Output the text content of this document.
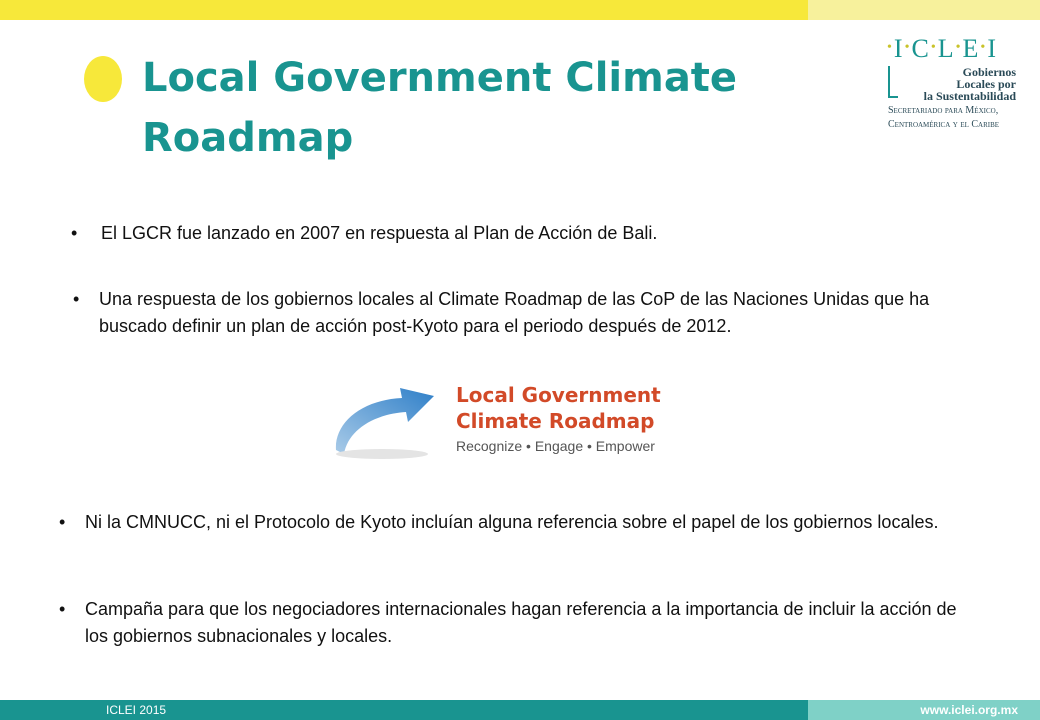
Local Government Climate Roadmap
•I•C•L•E•I
Gobiernos
Locales por
la Sustentabilidad
Secretariado para México,
Centroamérica y el Caribe
• El LGCR fue lanzado en 2007 en respuesta al Plan de Acción de Bali.
• Una respuesta de los gobiernos locales al Climate Roadmap de las CoP de las Naciones Unidas que ha buscado definir un plan de acción post-Kyoto para el periodo después de 2012.
Local Government
Climate Roadmap
Recognize • Engage • Empower
• Ni la CMNUCC, ni el Protocolo de Kyoto incluían alguna referencia sobre el papel de los gobiernos locales.
• Campaña para que los negociadores internacionales hagan referencia a la importancia de incluir la acción de los gobiernos subnacionales y locales.
ICLEI 2015	www.iclei.org.mx
